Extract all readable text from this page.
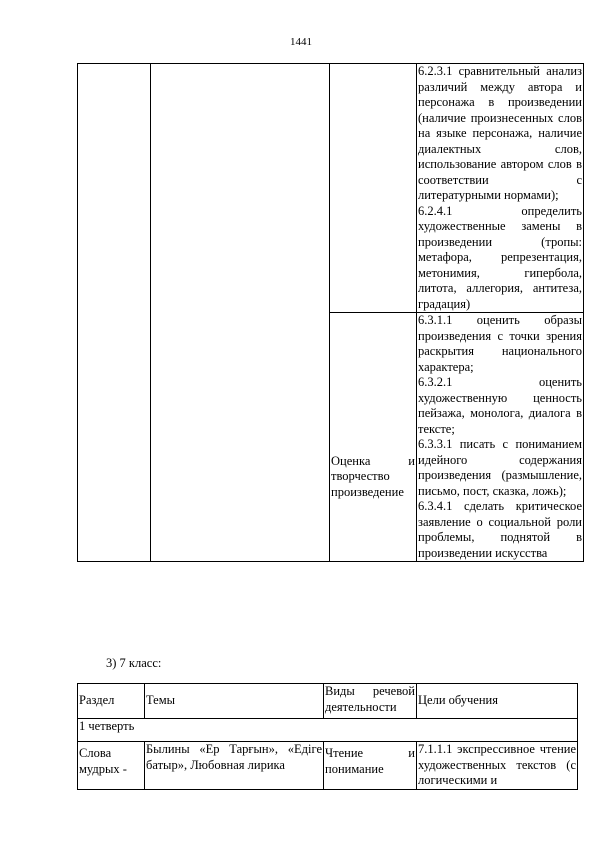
1441

			6.2.3.1 сравнительный анализ различий между автора и персонажа в произведении (наличие произнесенных слов на языке персонажа, наличие диалектных слов, использование автором слов в соответствии с литературными нормами);
6.2.4.1 определить художественные замены в произведении (тропы: метафора, репрезентация, метонимия, гипербола, литота, аллегория, антитеза, градация)

		Оценка и творчество произведение	6.3.1.1 оценить образы произведения с точки зрения раскрытия национального характера;
6.3.2.1 оценить художественную ценность пейзажа, монолога, диалога в тексте;
6.3.3.1 писать с пониманием идейного содержания произведения (размышление, письмо, пост, сказка, ложь);
6.3.4.1 сделать критическое заявление о социальной роли проблемы, поднятой в произведении искусства
3) 7 класс:
Раздел	Темы	Виды речевой деятельности	Цели обучения
1 четверть			
Слова мудрых -	Былины «Ер Тарғын», «Едіге батыр», Любовная лирика	Чтение и понимание	7.1.1.1 экспрессивное чтение художественных текстов (с логическими и
